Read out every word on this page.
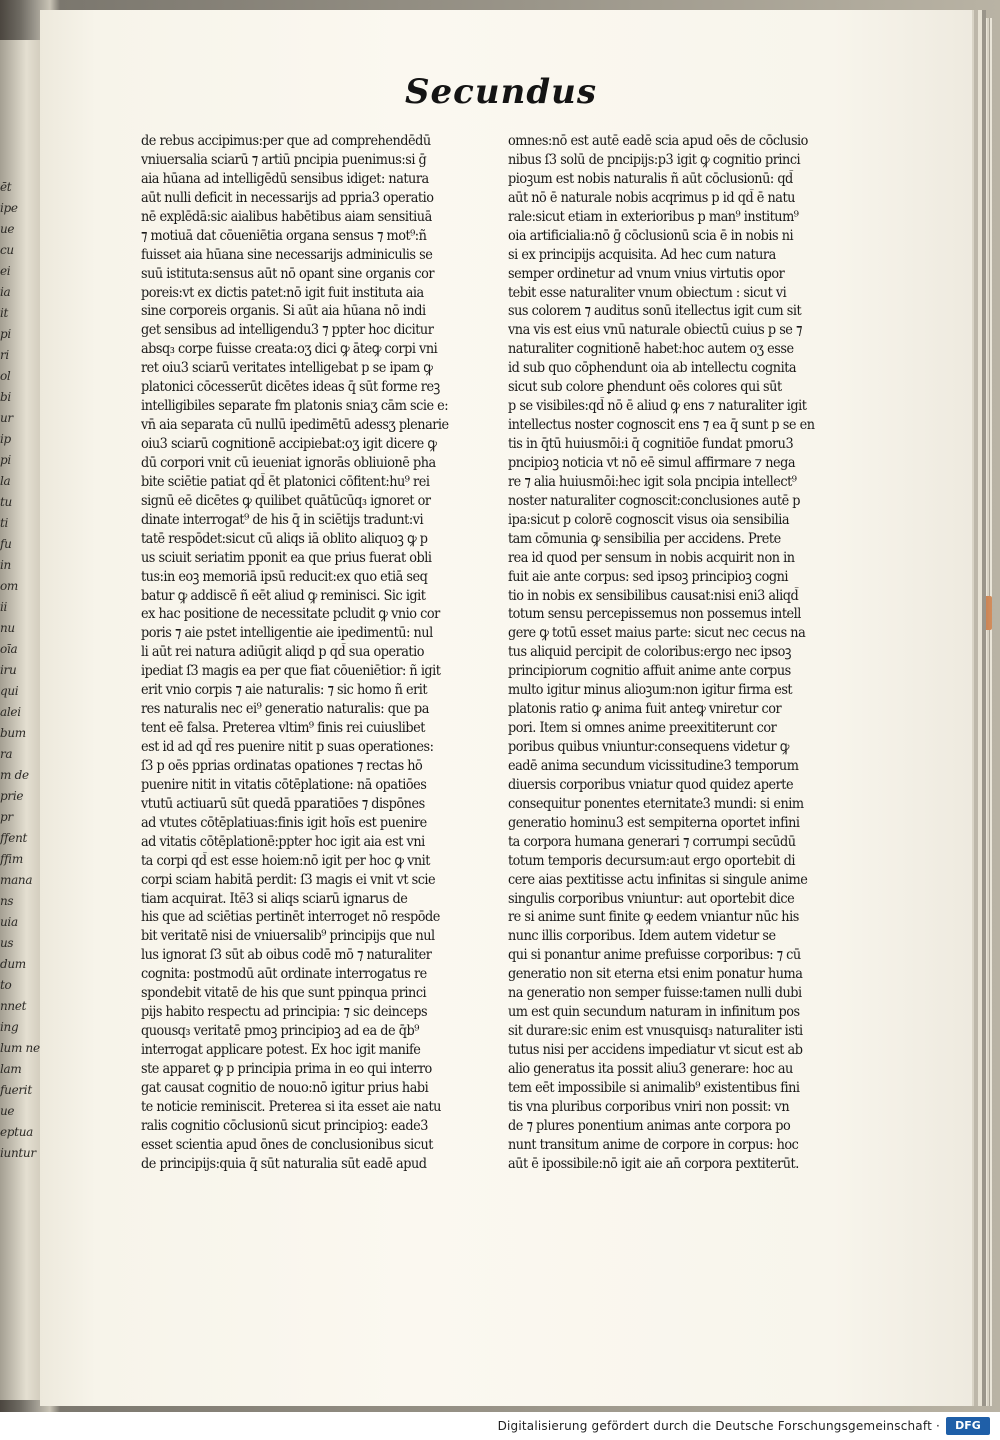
ēt
ipe
ue
cu
ei
ia
it
pi
ri
ol
bi
ur
ip
pi
la
tu
ti
fu
in
om
ii
nu
oīa
iru
qui
alei
bum
ra
m de
prie
pr
ffent
ffim
mana
ns
uia
us
dum
to
nnet
ing
lum ne
lam
fuerit
ue
eptua
iuntur
Secundus
de rebus accipimus:per que ad comprehendēdū
vniuersalia sciarū ⁊ artiū pncipia puenimus:si ḡ
aia hūana ad intelligēdū sensibus idiget: natura
aūt nulli deficit in necessarijs ad ppria3 operatio
nē explēdā:sic aialibus habētibus aiam sensitiuā
⁊ motiuā dat cōueniētia organa sensus ⁊ mot⁹:ñ
fuisset aia hūana sine necessarijs adminiculis se
suū istituta:sensus aūt nō opant sine organis cor
poreis:vt ex dictis patet:nō igit fuit instituta aia
sine corporeis organis. Si aūt aia hūana nō indi
get sensibus ad intelligendu3 ⁊ ppter hoc dicitur
absq₃ corpe fuisse creata:oʒ dici ꝙ āteꝙ corpi vni
ret oiu3 sciarū veritates intelligebat p se ipam ꝙ
platonici cōcesserūt dicētes ideas q̄ sūt forme reꝫ
intelligibiles separate fm platonis sniaʒ cām scie e:
vn̄ aia separata cū nullū ipedimētū adessʒ plenarie
oiu3 sciarū cognitionē accipiebat:oʒ igit dicere ꝙ
dū corpori vnit cū ieueniat ignorās obliuionē pha
bite sciētie patiat qd̄ ēt platonici cōfitent:hu⁹ rei
signū eē dicētes ꝙ quilibet quātūcūq₃ ignoret or
dinate interrogat⁹ de his q̄ in sciētijs tradunt:vi
tatē respōdet:sicut cū aliqs iā oblito aliquoꝫ ꝙ p
us sciuit seriatim pponit ea que prius fuerat obli
tus:in eoꝫ memoriā ipsū reducit:ex quo etiā seq
batur ꝙ addiscē ñ eēt aliud ꝙ reminisci. Sic igit
ex hac positione de necessitate pcludit ꝙ vnio cor
poris ⁊ aie pstet intelligentie aie ipedimentū: nul
li aūt rei natura adiūgit aliqd p qd̄ sua operatio
ipediat ſ3 magis ea per que fiat cōueniētior: ñ igit
erit vnio corpis ⁊ aie naturalis: ⁊ sic homo ñ erit
res naturalis nec ei⁹ generatio naturalis: que pa
tent eē falsa. Preterea vltim⁹ finis rei cuiuslibet
est id ad qd̄ res puenire nitit p suas operationes:
ſ3 p oēs pprias ordinatas opationes ⁊ rectas hō
puenire nitit in vitatis cōtēplatione: nā opatiōes
vtutū actiuarū sūt quedā pparatiōes ⁊ dispōnes
ad vtutes cōtēplatiuas:finis igit hoīs est puenire
ad vitatis cōtēplationē:ppter hoc igit aia est vni
ta corpi qd̄ est esse hoiem:nō igit per hoc ꝙ vnit
corpi sciam habitā perdit: ſ3 magis ei vnit vt scie
tiam acquirat. Itē3 si aliqs sciarū ignarus de
his que ad sciētias pertinēt interroget nō respōde
bit veritatē nisi de vniuersalib⁹ principijs que nul
lus ignorat ſ3 sūt ab oibus codē mō ⁊ naturaliter
cognita: postmodū aūt ordinate interrogatus re
spondebit vitatē de his que sunt ppinqua princi
pijs habito respectu ad principia: ⁊ sic deinceps
quousq₃ veritatē pmoꝫ principioꝫ ad ea de q̄b⁹
interrogat applicare potest. Ex hoc igit manife
ste apparet ꝙ p principia prima in eo qui interro
gat causat cognitio de nouo:nō igitur prius habi
te noticie reminiscit. Preterea si ita esset aie natu
ralis cognitio cōclusionū sicut principioꝫ: eade3
esset scientia apud ōnes de conclusionibus sicut
de principijs:quia q̄ sūt naturalia sūt eadē apud
omnes:nō est autē eadē scia apud oēs de cōclusio
nibus ſ3 solū de pncipijs:p3 igit ꝙ cognitio princi
pioꝫum est nobis naturalis ñ aūt cōclusionū: qd̄
aūt nō ē naturale nobis acqrimus p id qd̄ ē natu
rale:sicut etiam in exterioribus p man⁹ institum⁹
oia artificialia:nō ḡ cōclusionū scia ē in nobis ni
si ex principijs acquisita. Ad hec cum natura
semper ordinetur ad vnum vnius virtutis opor
tebit esse naturaliter vnum obiectum : sicut vi
sus colorem ⁊ auditus sonū itellectus igit cum sit
vna vis est eius vnū naturale obiectū cuius p se ⁊
naturaliter cognitionē habet:hoc autem oʒ esse
id sub quo cōphendunt oia ab intellectu cognita
sicut sub colore ꝑhendunt oēs colores qui sūt
p se visibiles:qd̄ nō ē aliud ꝙ ens ⁊ naturaliter igit
intellectus noster cognoscit ens ⁊ ea q̄ sunt p se en
tis in q̄tū huiusmōi:i q̄ cognitiōe fundat pmoru3
pncipioꝫ noticia vt nō eē simul affirmare ⁊ nega
re ⁊ alia huiusmōi:hec igit sola pncipia intellect⁹
noster naturaliter cognoscit:conclusiones autē p
ipa:sicut p colorē cognoscit visus oia sensibilia
tam cōmunia ꝙ sensibilia per accidens. Prete
rea id quod per sensum in nobis acquirit non in
fuit aie ante corpus: sed ipsoꝫ principioꝫ cogni
tio in nobis ex sensibilibus causat:nisi eni3 aliqd̄
totum sensu percepissemus non possemus intell
gere ꝙ totū esset maius parte: sicut nec cecus na
tus aliquid percipit de coloribus:ergo nec ipsoꝫ
principiorum cognitio affuit anime ante corpus
multo igitur minus alioꝫum:non igitur firma est
platonis ratio ꝙ anima fuit anteꝙ vniretur cor
pori. Item si omnes anime preexititerunt cor
poribus quibus vniuntur:consequens videtur ꝙ
eadē anima secundum vicissitudine3 temporum
diuersis corporibus vniatur quod quidez aperte
consequitur ponentes eternitate3 mundi: si enim
generatio hominu3 est sempiterna oportet infini
ta corpora humana generari ⁊ corrumpi secūdū
totum temporis decursum:aut ergo oportebit di
cere aias pextitisse actu infinitas si singule anime
singulis corporibus vniuntur: aut oportebit dice
re si anime sunt finite ꝙ eedem vniantur nūc his
nunc illis corporibus. Idem autem videtur se
qui si ponantur anime prefuisse corporibus: ⁊ cū
generatio non sit eterna etsi enim ponatur huma
na generatio non semper fuisse:tamen nulli dubi
um est quin secundum naturam in infinitum pos
sit durare:sic enim est vnusquisq₃ naturaliter isti
tutus nisi per accidens impediatur vt sicut est ab
alio generatus ita possit aliu3 generare: hoc au
tem eēt impossibile si animalib⁹ existentibus fini
tis vna pluribus corporibus vniri non possit: vn
de ⁊ plures ponentium animas ante corpora po
nunt transitum anime de corpore in corpus: hoc
aūt ē ipossibile:nō igit aie an̄ corpora pextiterūt.
Digitalisierung gefördert durch die Deutsche Forschungsgemeinschaft ·	DFG
